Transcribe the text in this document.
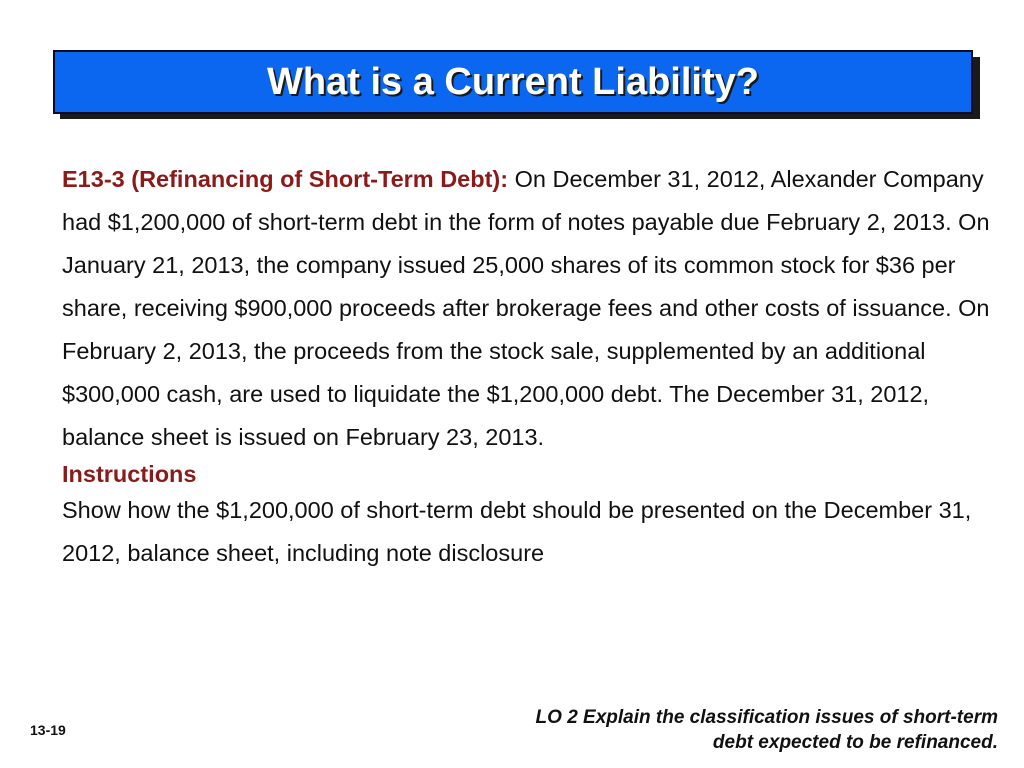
What is a Current Liability?

E13-3 (Refinancing of Short-Term Debt): On December 31, 2012, Alexander Company had $1,200,000 of short-term debt in the form of notes payable due February 2, 2013. On January 21, 2013, the company issued 25,000 shares of its common stock for $36 per share, receiving $900,000 proceeds after brokerage fees and other costs of issuance. On February 2, 2013, the proceeds from the stock sale, supplemented by an additional $300,000 cash, are used to liquidate the $1,200,000 debt. The December 31, 2012, balance sheet is issued on February 23, 2013.

Instructions

Show how the $1,200,000 of short-term debt should be presented on the December 31, 2012, balance sheet, including note disclosure

13-19
LO 2 Explain the classification issues of short-term
debt expected to be refinanced.
